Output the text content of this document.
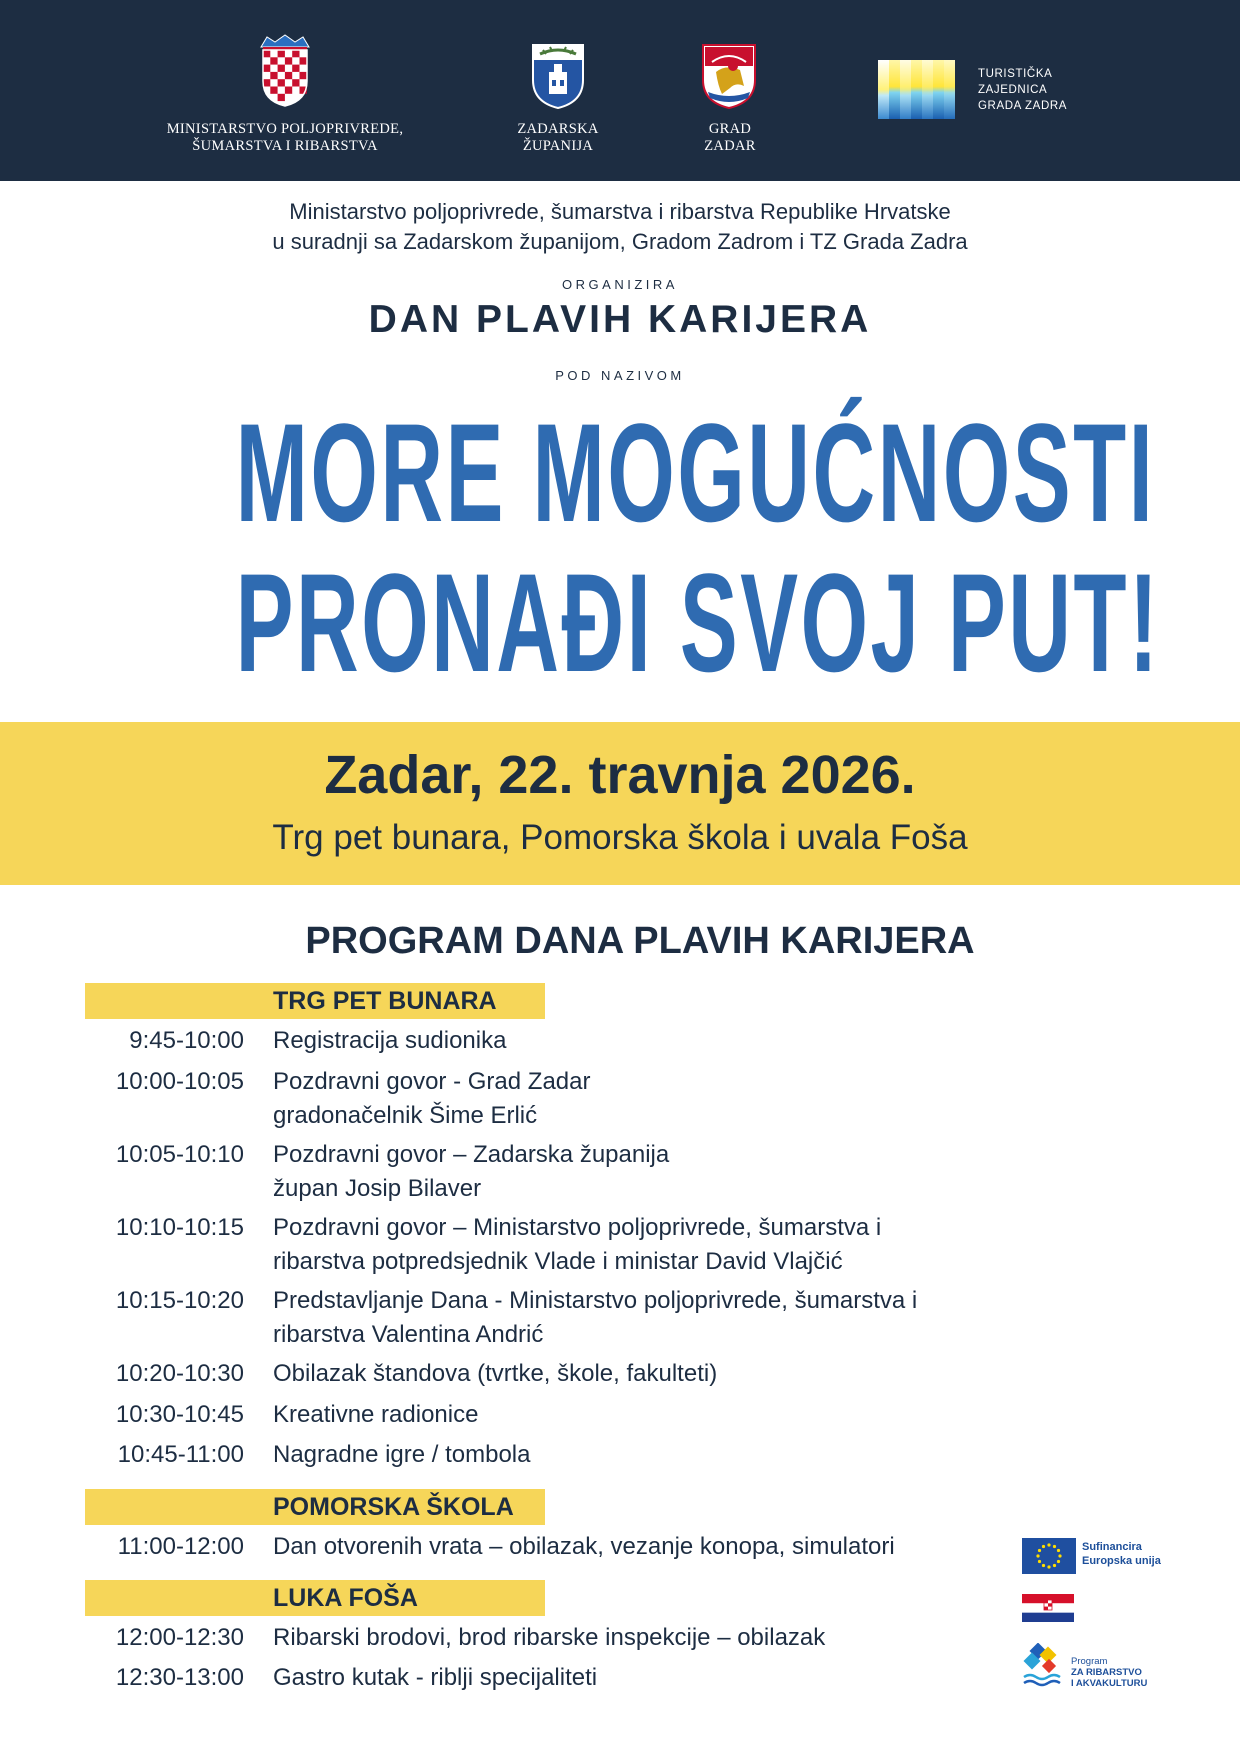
MINISTARSTVO POLJOPRIVREDE,
ŠUMARSTVA I RIBARSTVA
ZADARSKA
ŽUPANIJA
GRAD
ZADAR
TURISTIČKA
ZAJEDNICA
GRADA ZADRA
Ministarstvo poljoprivrede, šumarstva i ribarstva Republike Hrvatske
u suradnji sa Zadarskom županijom, Gradom Zadrom i TZ Grada Zadra
ORGANIZIRA
DAN PLAVIH KARIJERA
POD NAZIVOM
MORE MOGUĆNOSTI
PRONAĐI SVOJ PUT!
Zadar, 22. travnja 2026.
Trg pet bunara, Pomorska škola i uvala Foša
PROGRAM DANA PLAVIH KARIJERA
TRG PET BUNARA
9:45-10:00 Registracija sudionika
10:00-10:05 Pozdravni govor - Grad Zadar
gradonačelnik Šime Erlić
10:05-10:10 Pozdravni govor – Zadarska županija
župan Josip Bilaver
10:10-10:15 Pozdravni govor – Ministarstvo poljoprivrede, šumarstva i
ribarstva potpredsjednik Vlade i ministar David Vlajčić
10:15-10:20 Predstavljanje Dana - Ministarstvo poljoprivrede, šumarstva i
ribarstva Valentina Andrić
10:20-10:30 Obilazak štandova (tvrtke, škole, fakulteti)
10:30-10:45 Kreativne radionice
10:45-11:00 Nagradne igre / tombola
POMORSKA ŠKOLA
11:00-12:00 Dan otvorenih vrata – obilazak, vezanje konopa, simulatori
LUKA FOŠA
12:00-12:30 Ribarski brodovi, brod ribarske inspekcije – obilazak
12:30-13:00 Gastro kutak - riblji specijaliteti
Sufinancira
Europska unija
Program
ZA RIBARSTVO
I AKVAKULTURU
